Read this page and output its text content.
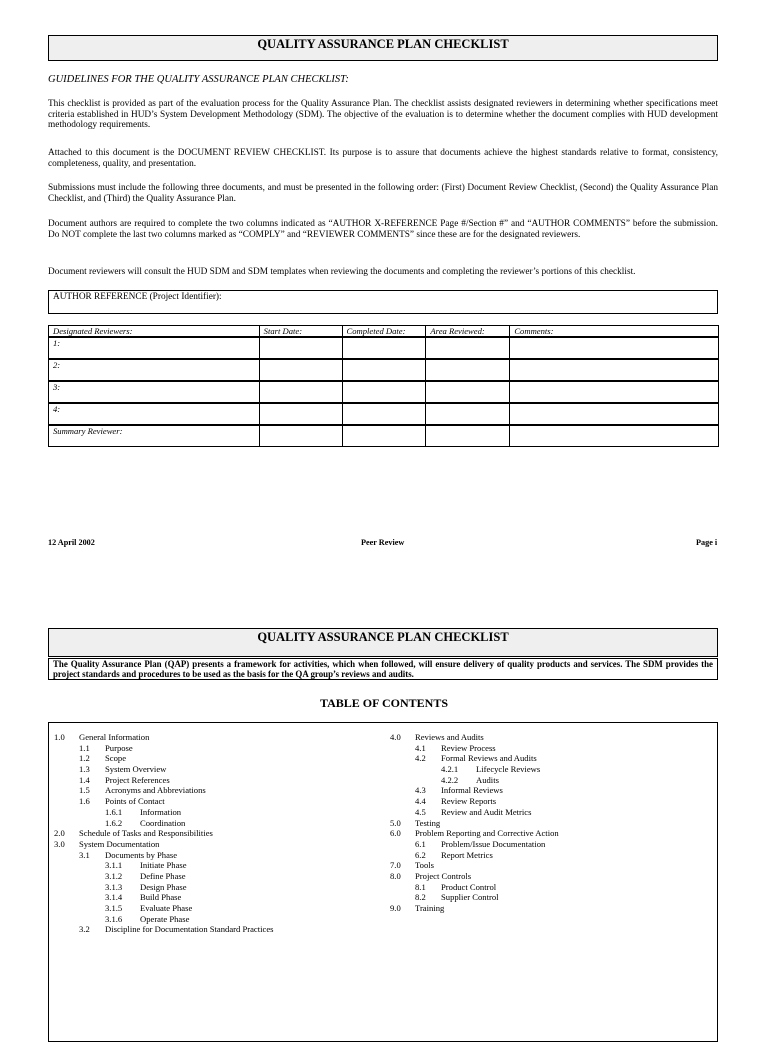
QUALITY ASSURANCE PLAN CHECKLIST
GUIDELINES FOR THE QUALITY ASSURANCE PLAN CHECKLIST:
This checklist is provided as part of the evaluation process for the Quality Assurance Plan. The checklist assists designated reviewers in determining whether specifications meet criteria established in HUD’s System Development Methodology (SDM). The objective of the evaluation is to determine whether the document complies with HUD development methodology requirements.
Attached to this document is the DOCUMENT REVIEW CHECKLIST. Its purpose is to assure that documents achieve the highest standards relative to format, consistency, completeness, quality, and presentation.
Submissions must include the following three documents, and must be presented in the following order: (First) Document Review Checklist, (Second) the Quality Assurance Plan Checklist, and (Third) the Quality Assurance Plan.
Document authors are required to complete the two columns indicated as “AUTHOR X-REFERENCE Page #/Section #” and “AUTHOR COMMENTS” before the submission. Do NOT complete the last two columns marked as “COMPLY” and “REVIEWER COMMENTS” since these are for the designated reviewers.
Document reviewers will consult the HUD SDM and SDM templates when reviewing the documents and completing the reviewer’s portions of this checklist.
AUTHOR REFERENCE (Project Identifier):
Designated Reviewers:	Start Date:	Completed Date:	Area Reviewed:	Comments:
1:				
2:				
3:				
4:				
Summary Reviewer:				
12 April 2002	Peer Review	Page i
QUALITY ASSURANCE PLAN CHECKLIST
The Quality Assurance Plan (QAP) presents a framework for activities, which when followed, will ensure delivery of quality products and services. The SDM provides the project standards and procedures to be used as the basis for the QA group’s reviews and audits.
TABLE OF CONTENTS
1.0 General Information
1.1 Purpose
1.2 Scope
1.3 System Overview
1.4 Project References
1.5 Acronyms and Abbreviations
1.6 Points of Contact
1.6.1 Information
1.6.2 Coordination
2.0 Schedule of Tasks and Responsibilities
3.0 System Documentation
3.1 Documents by Phase
3.1.1 Initiate Phase
3.1.2 Define Phase
3.1.3 Design Phase
3.1.4 Build Phase
3.1.5 Evaluate Phase
3.1.6 Operate Phase
3.2 Discipline for Documentation Standard Practices
4.0 Reviews and Audits
4.1 Review Process
4.2 Formal Reviews and Audits
4.2.1 Lifecycle Reviews
4.2.2 Audits
4.3 Informal Reviews
4.4 Review Reports
4.5 Review and Audit Metrics
5.0 Testing
6.0 Problem Reporting and Corrective Action
6.1 Problem/Issue Documentation
6.2 Report Metrics
7.0 Tools
8.0 Project Controls
8.1 Product Control
8.2 Supplier Control
9.0 Training
